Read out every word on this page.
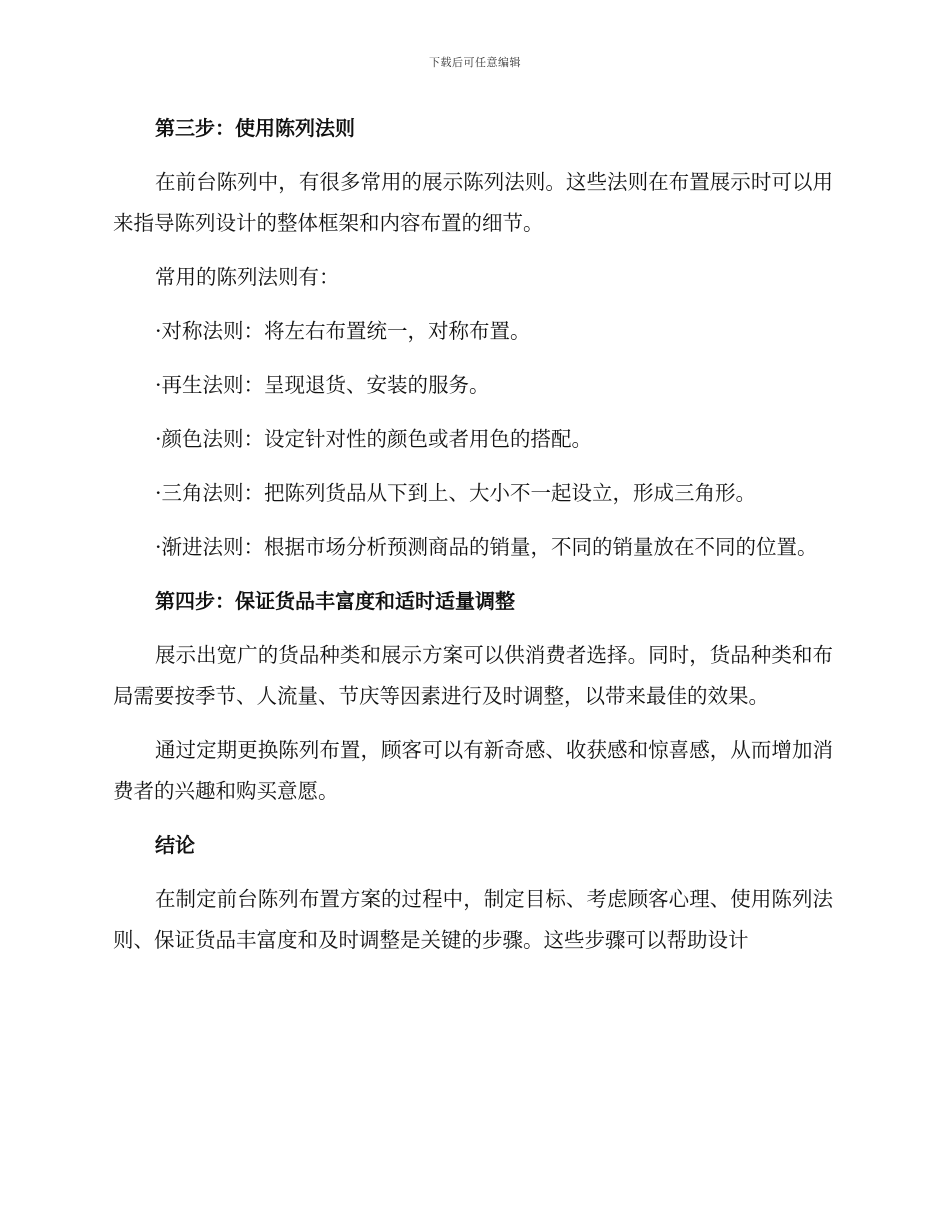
下载后可任意编辑
第三步：使用陈列法则

在前台陈列中，有很多常用的展示陈列法则。这些法则在布置展示时可以用来指导陈列设计的整体框架和内容布置的细节。

常用的陈列法则有：

·对称法则：将左右布置统一，对称布置。

·再生法则：呈现退货、安装的服务。

·颜色法则：设定针对性的颜色或者用色的搭配。

·三角法则：把陈列货品从下到上、大小不一起设立，形成三角形。

·渐进法则：根据市场分析预测商品的销量，不同的销量放在不同的位置。

第四步：保证货品丰富度和适时适量调整

展示出宽广的货品种类和展示方案可以供消费者选择。同时，货品种类和布局需要按季节、人流量、节庆等因素进行及时调整，以带来最佳的效果。

通过定期更换陈列布置，顾客可以有新奇感、收获感和惊喜感，从而增加消费者的兴趣和购买意愿。

结论

在制定前台陈列布置方案的过程中，制定目标、考虑顾客心理、使用陈列法则、保证货品丰富度和及时调整是关键的步骤。这些步骤可以帮助设计
